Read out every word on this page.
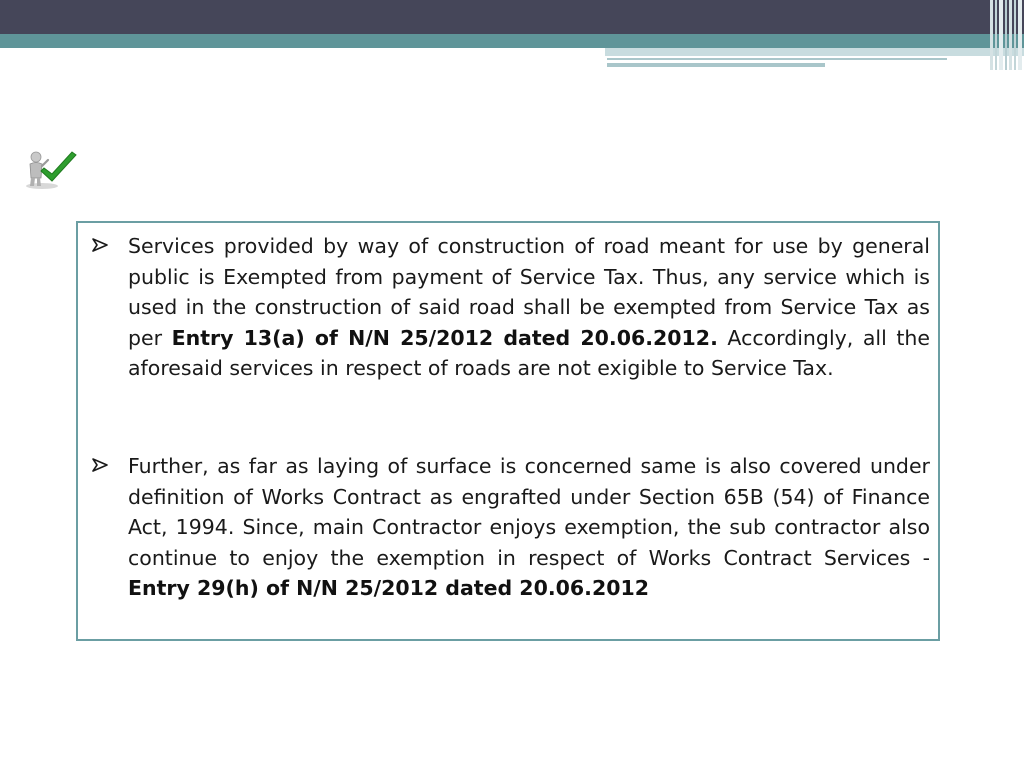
Services provided by way of construction of road meant for use by general public is Exempted from payment of Service Tax. Thus, any service which is used in the construction of said road shall be exempted from Service Tax as per Entry 13(a) of N/N 25/2012 dated 20.06.2012. Accordingly, all the aforesaid services in respect of roads are not exigible to Service Tax.
Further, as far as laying of surface is concerned same is also covered under definition of Works Contract as engrafted under Section 65B (54) of Finance Act, 1994. Since, main Contractor enjoys exemption, the sub contractor also continue to enjoy the exemption in respect of Works Contract Services - Entry 29(h) of N/N 25/2012 dated 20.06.2012
